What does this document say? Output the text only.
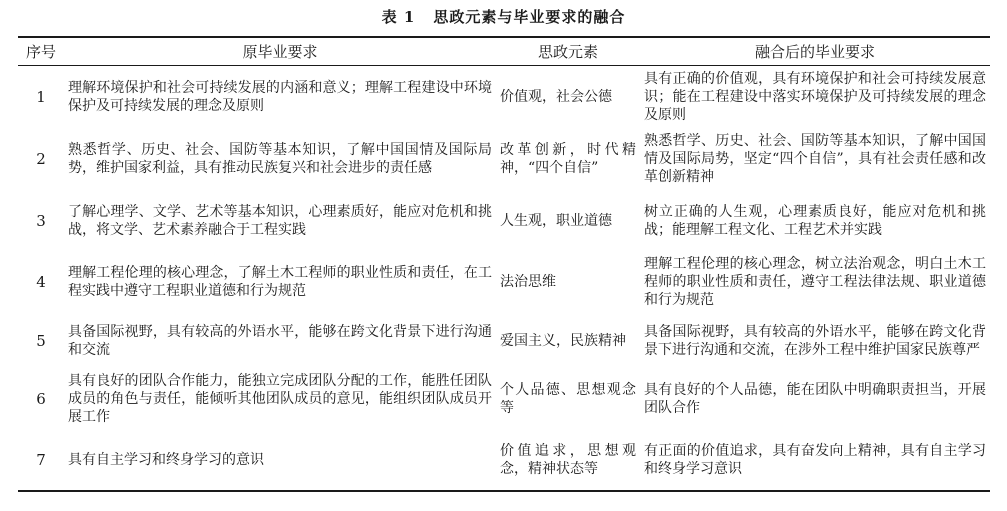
表 1 思政元素与毕业要求的融合
序号	原毕业要求	思政元素	融合后的毕业要求
1	理解环境保护和社会可持续发展的内涵和意义；理解工程建设中环境保护及可持续发展的理念及原则	价值观，社会公德	具有正确的价值观，具有环境保护和社会可持续发展意识；能在工程建设中落实环境保护及可持续发展的理念及原则
2	熟悉哲学、历史、社会、国防等基本知识，了解中国国情及国际局势，维护国家利益，具有推动民族复兴和社会进步的责任感	改革创新，时代精神，“四个自信”	熟悉哲学、历史、社会、国防等基本知识，了解中国国情及国际局势，坚定“四个自信”，具有社会责任感和改革创新精神
3	了解心理学、文学、艺术等基本知识，心理素质好，能应对危机和挑战，将文学、艺术素养融合于工程实践	人生观，职业道德	树立正确的人生观，心理素质良好，能应对危机和挑战；能理解工程文化、工程艺术并实践
4	理解工程伦理的核心理念，了解土木工程师的职业性质和责任，在工程实践中遵守工程职业道德和行为规范	法治思维	理解工程伦理的核心理念，树立法治观念，明白土木工程师的职业性质和责任，遵守工程法律法规、职业道德和行为规范
5	具备国际视野，具有较高的外语水平，能够在跨文化背景下进行沟通和交流	爱国主义，民族精神	具备国际视野，具有较高的外语水平，能够在跨文化背景下进行沟通和交流，在涉外工程中维护国家民族尊严
6	具有良好的团队合作能力，能独立完成团队分配的工作，能胜任团队成员的角色与责任，能倾听其他团队成员的意见，能组织团队成员开展工作	个人品德、思想观念等	具有良好的个人品德，能在团队中明确职责担当，开展团队合作
7	具有自主学习和终身学习的意识	价值追求，思想观念，精神状态等	有正面的价值追求，具有奋发向上精神，具有自主学习和终身学习意识
